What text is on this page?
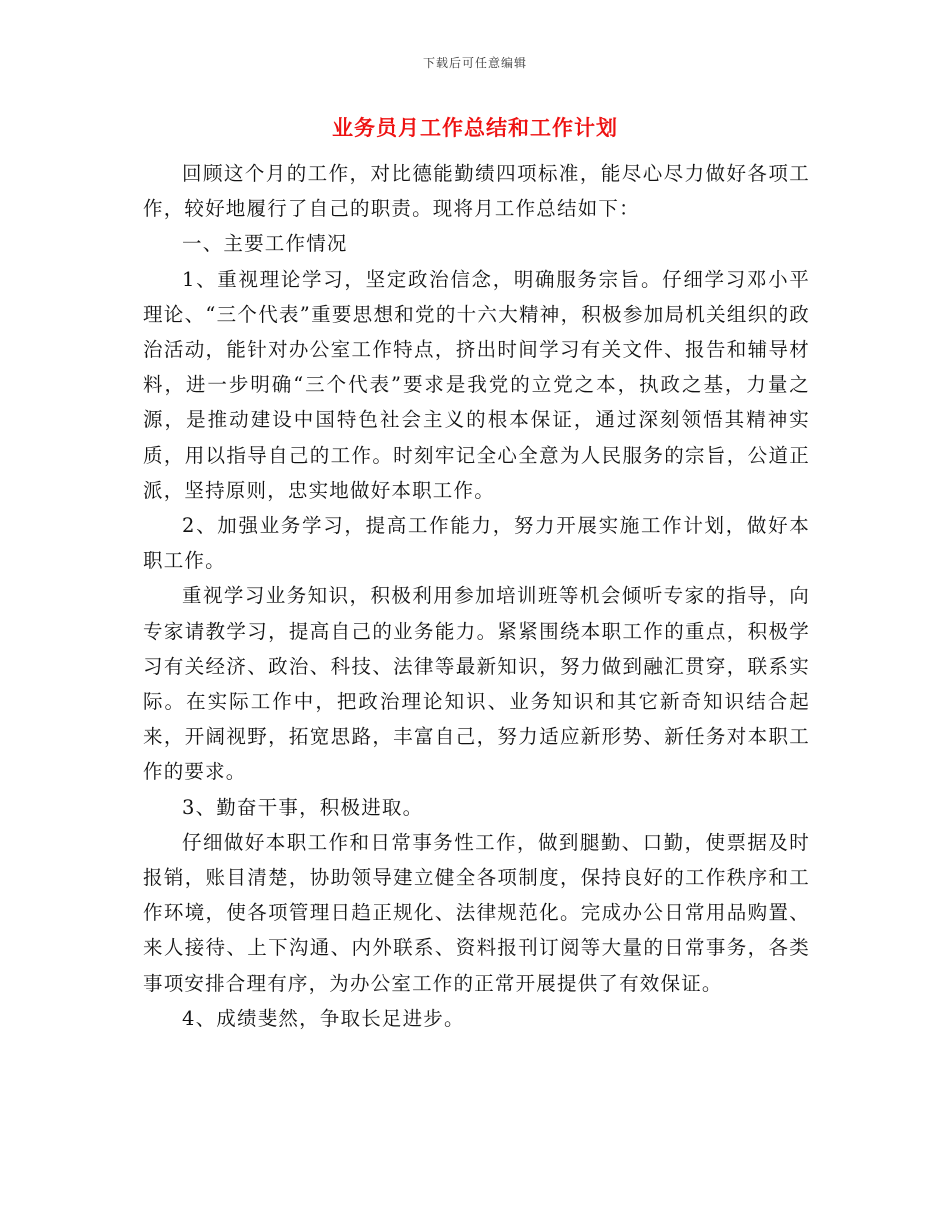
下载后可任意编辑
业务员月工作总结和工作计划

回顾这个月的工作，对比德能勤绩四项标准，能尽心尽力做好各项工作，较好地履行了自己的职责。现将月工作总结如下：

一、主要工作情况

1、重视理论学习，坚定政治信念，明确服务宗旨。仔细学习邓小平理论、“三个代表”重要思想和党的十六大精神，积极参加局机关组织的政治活动，能针对办公室工作特点，挤出时间学习有关文件、报告和辅导材料，进一步明确“三个代表”要求是我党的立党之本，执政之基，力量之源，是推动建设中国特色社会主义的根本保证，通过深刻领悟其精神实质，用以指导自己的工作。时刻牢记全心全意为人民服务的宗旨，公道正派，坚持原则，忠实地做好本职工作。

2、加强业务学习，提高工作能力，努力开展实施工作计划，做好本职工作。

重视学习业务知识，积极利用参加培训班等机会倾听专家的指导，向专家请教学习，提高自己的业务能力。紧紧围绕本职工作的重点，积极学习有关经济、政治、科技、法律等最新知识，努力做到融汇贯穿，联系实际。在实际工作中，把政治理论知识、业务知识和其它新奇知识结合起来，开阔视野，拓宽思路，丰富自己，努力适应新形势、新任务对本职工作的要求。

3、勤奋干事，积极进取。

仔细做好本职工作和日常事务性工作，做到腿勤、口勤，使票据及时报销，账目清楚，协助领导建立健全各项制度，保持良好的工作秩序和工作环境，使各项管理日趋正规化、法律规范化。完成办公日常用品购置、来人接待、上下沟通、内外联系、资料报刊订阅等大量的日常事务，各类事项安排合理有序，为办公室工作的正常开展提供了有效保证。

4、成绩斐然，争取长足进步。
